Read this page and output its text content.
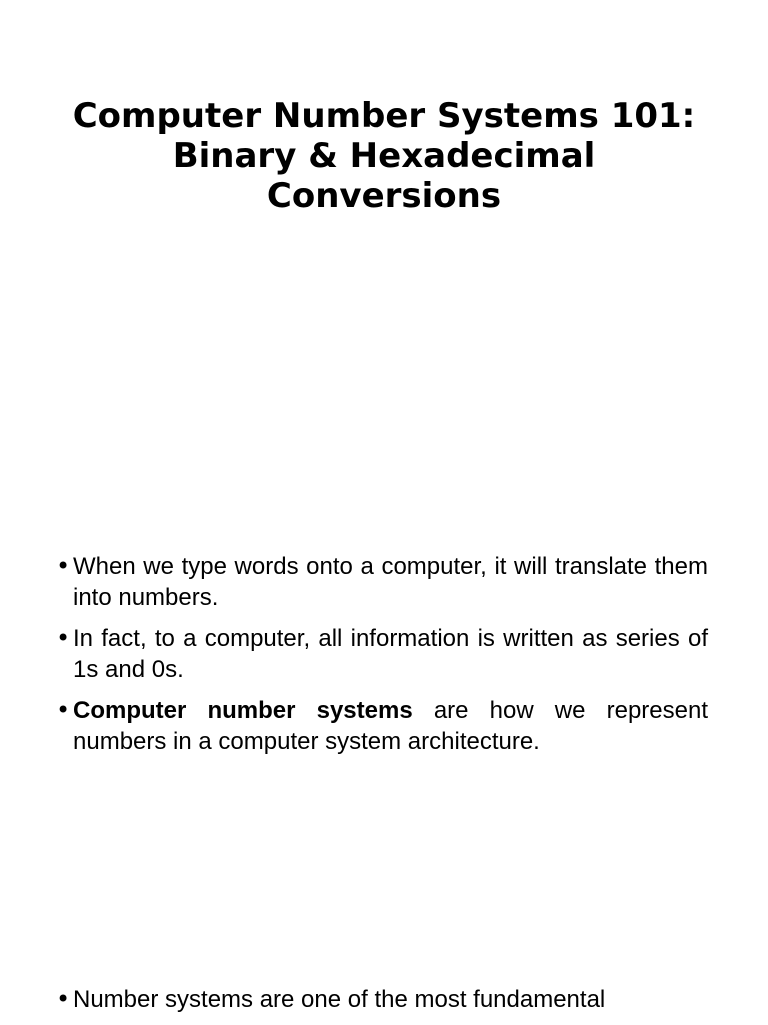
Computer Number Systems 101: Binary & Hexadecimal Conversions
• When we type words onto a computer, it will translate them into numbers.
• In fact, to a computer, all information is written as series of 1s and 0s.
• Computer number systems are how we represent numbers in a computer system architecture.
• Number systems are one of the most fundamental
